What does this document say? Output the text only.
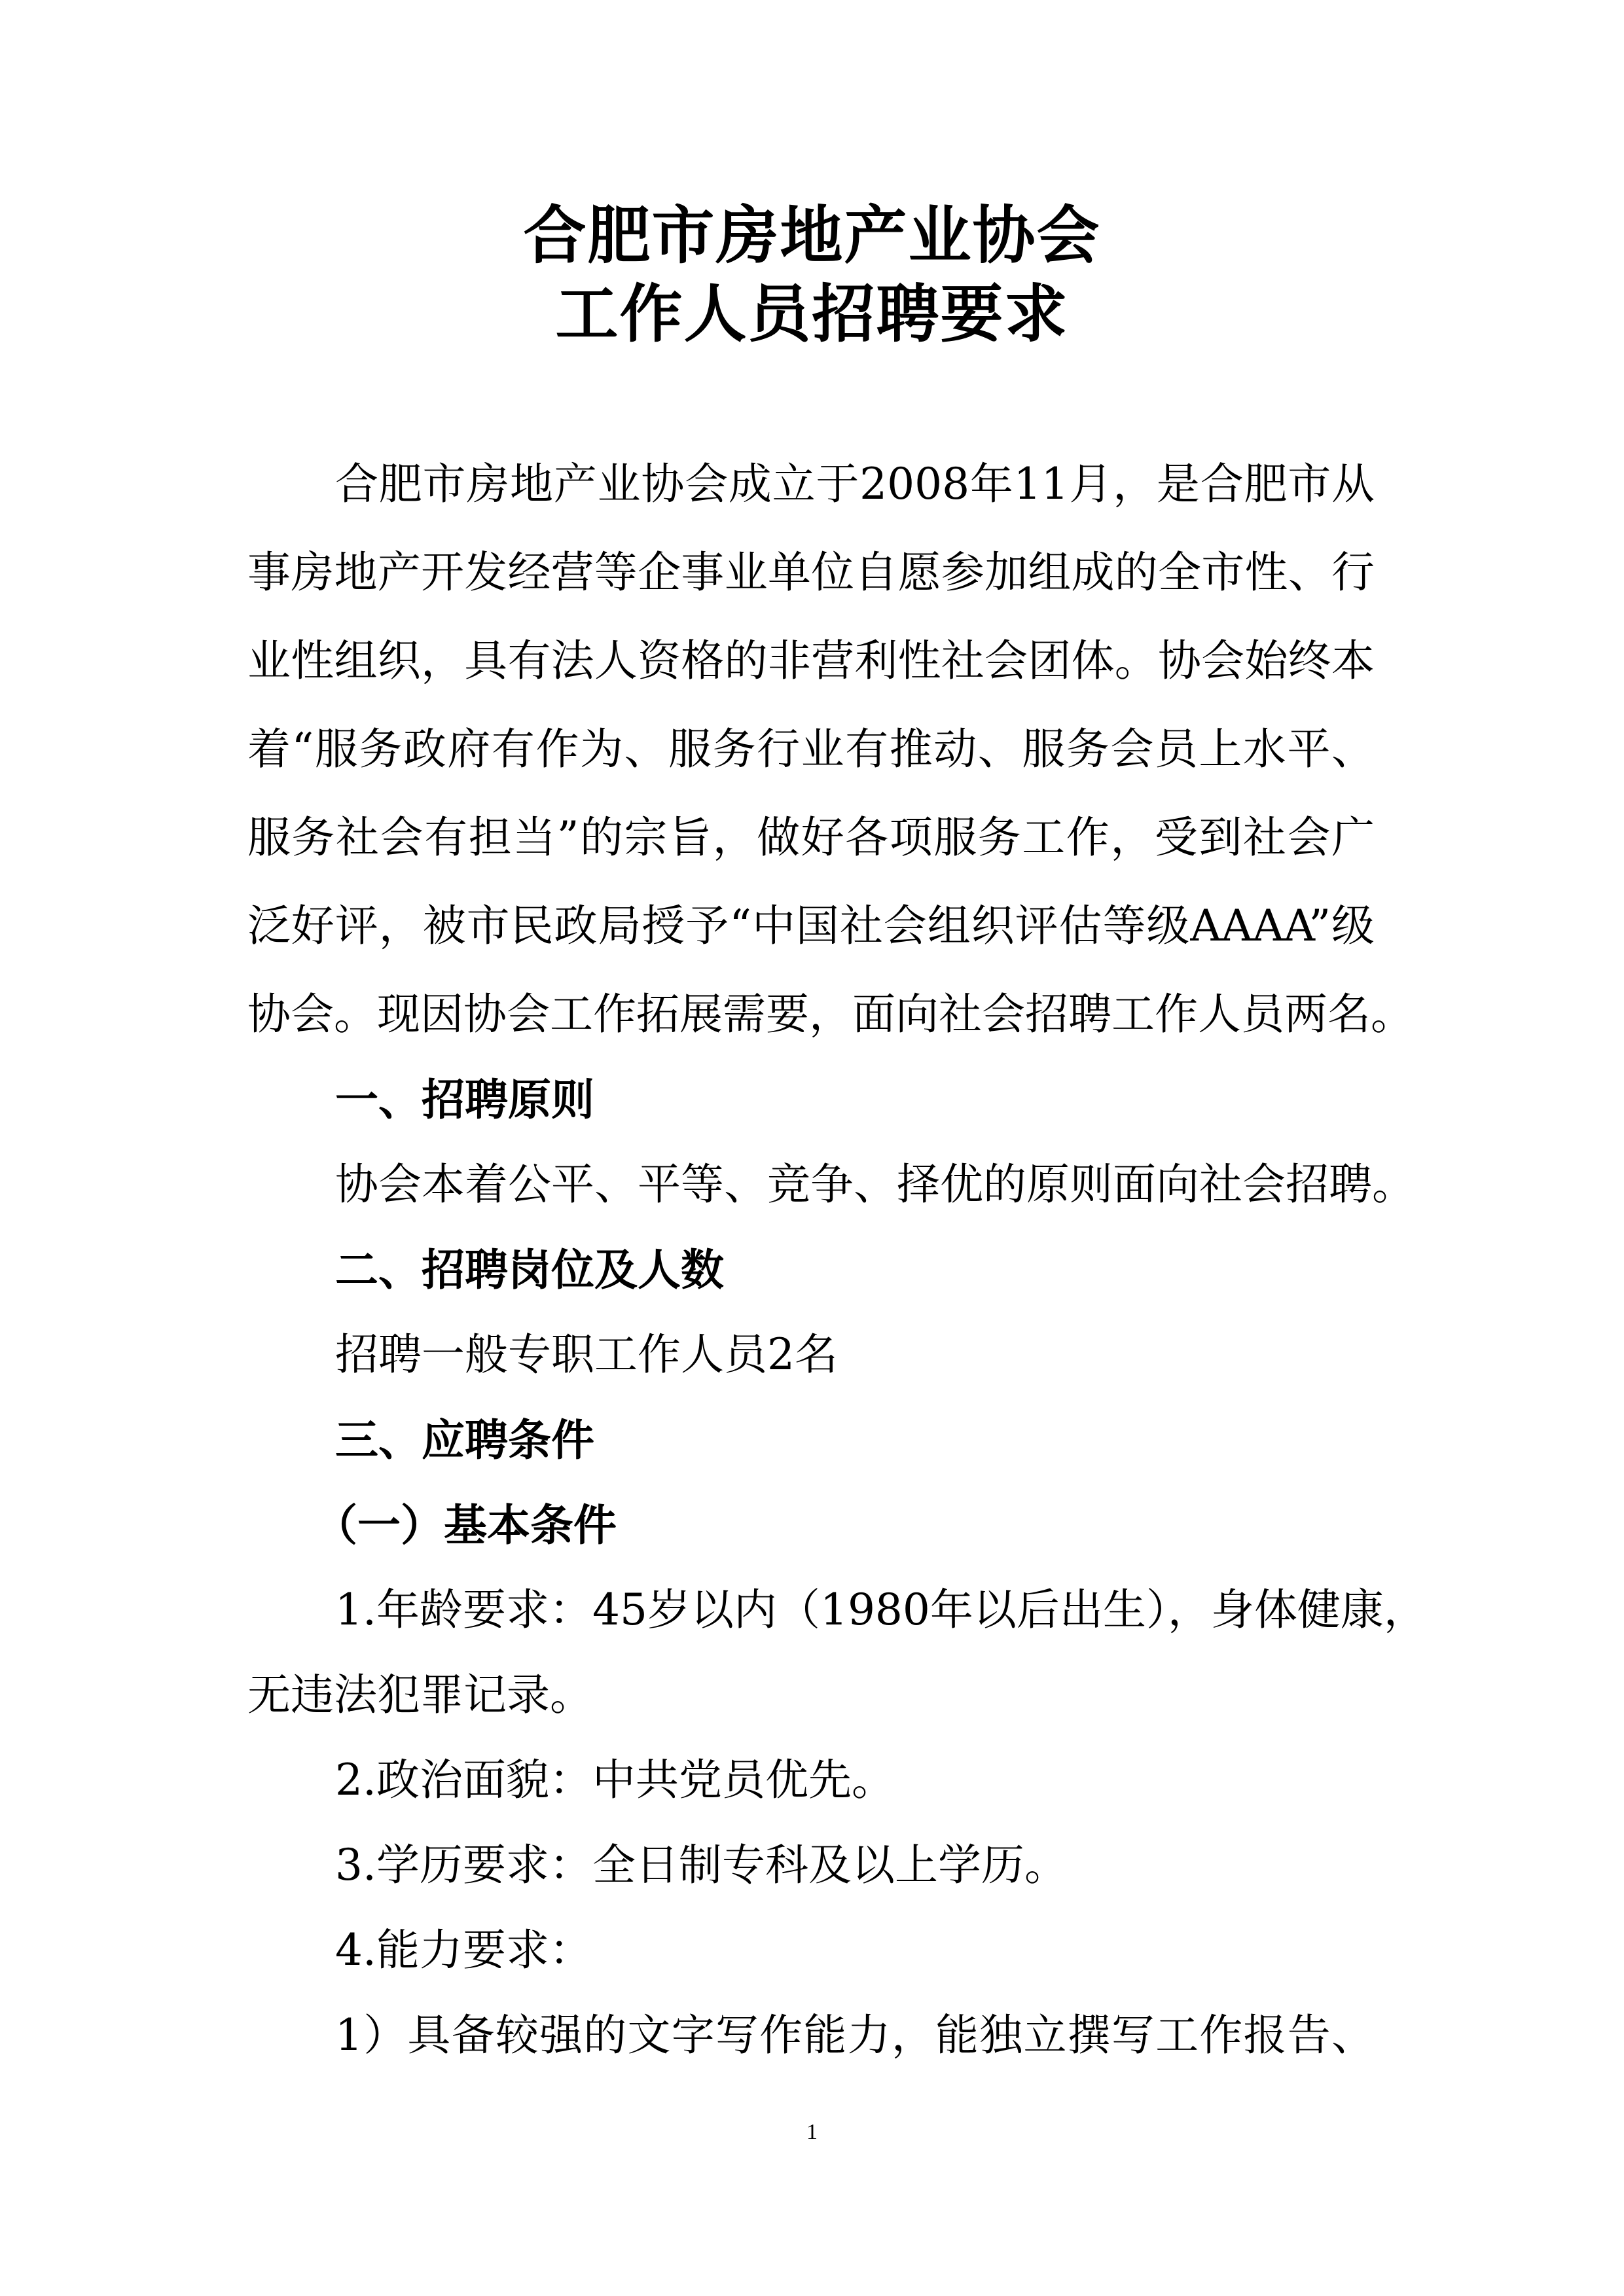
合肥市房地产业协会
工作人员招聘要求
合肥市房地产业协会成立于2008年11月，是合肥市从
事房地产开发经营等企事业单位自愿参加组成的全市性、行
业性组织，具有法人资格的非营利性社会团体。协会始终本
着“服务政府有作为、服务行业有推动、服务会员上水平、
服务社会有担当”的宗旨，做好各项服务工作，受到社会广
泛好评，被市民政局授予“中国社会组织评估等级AAAA”级
协会。现因协会工作拓展需要，面向社会招聘工作人员两名。
一、招聘原则
协会本着公平、平等、竞争、择优的原则面向社会招聘。
二、招聘岗位及人数
招聘一般专职工作人员2名
三、应聘条件
（一）基本条件
1.年龄要求：45岁以内（1980年以后出生），身体健康，
无违法犯罪记录。
2.政治面貌：中共党员优先。
3.学历要求：全日制专科及以上学历。
4.能力要求：
1）具备较强的文字写作能力，能独立撰写工作报告、
1
